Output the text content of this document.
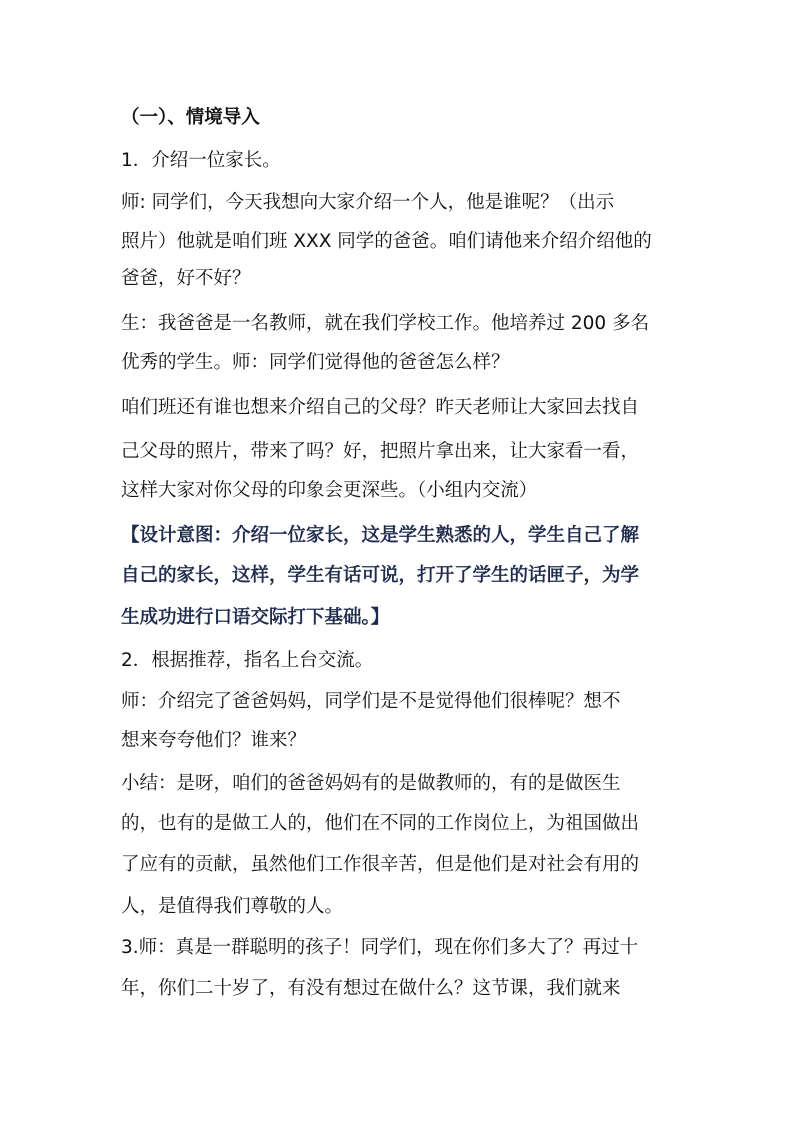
（一）、情境导入

1．介绍一位家长。

师: 同学们，今天我想向大家介绍一个人，他是谁呢？（出示

照片）他就是咱们班 XXX 同学的爸爸。咱们请他来介绍介绍他的

爸爸，好不好？

生：我爸爸是一名教师，就在我们学校工作。他培养过 200 多名

优秀的学生。师：同学们觉得他的爸爸怎么样？

咱们班还有谁也想来介绍自己的父母？昨天老师让大家回去找自

己父母的照片，带来了吗？好，把照片拿出来，让大家看一看，

这样大家对你父母的印象会更深些。（小组内交流）

【设计意图：介绍一位家长，这是学生熟悉的人，学生自己了解

自己的家长，这样，学生有话可说，打开了学生的话匣子，为学

生成功进行口语交际打下基础。】

2．根据推荐，指名上台交流。

师：介绍完了爸爸妈妈，同学们是不是觉得他们很棒呢？想不

想来夸夸他们？谁来？

小结：是呀，咱们的爸爸妈妈有的是做教师的，有的是做医生

的，也有的是做工人的，他们在不同的工作岗位上，为祖国做出

了应有的贡献，虽然他们工作很辛苦，但是他们是对社会有用的

人，是值得我们尊敬的人。

3.师：真是一群聪明的孩子！同学们，现在你们多大了？再过十

年，你们二十岁了，有没有想过在做什么？这节课，我们就来
